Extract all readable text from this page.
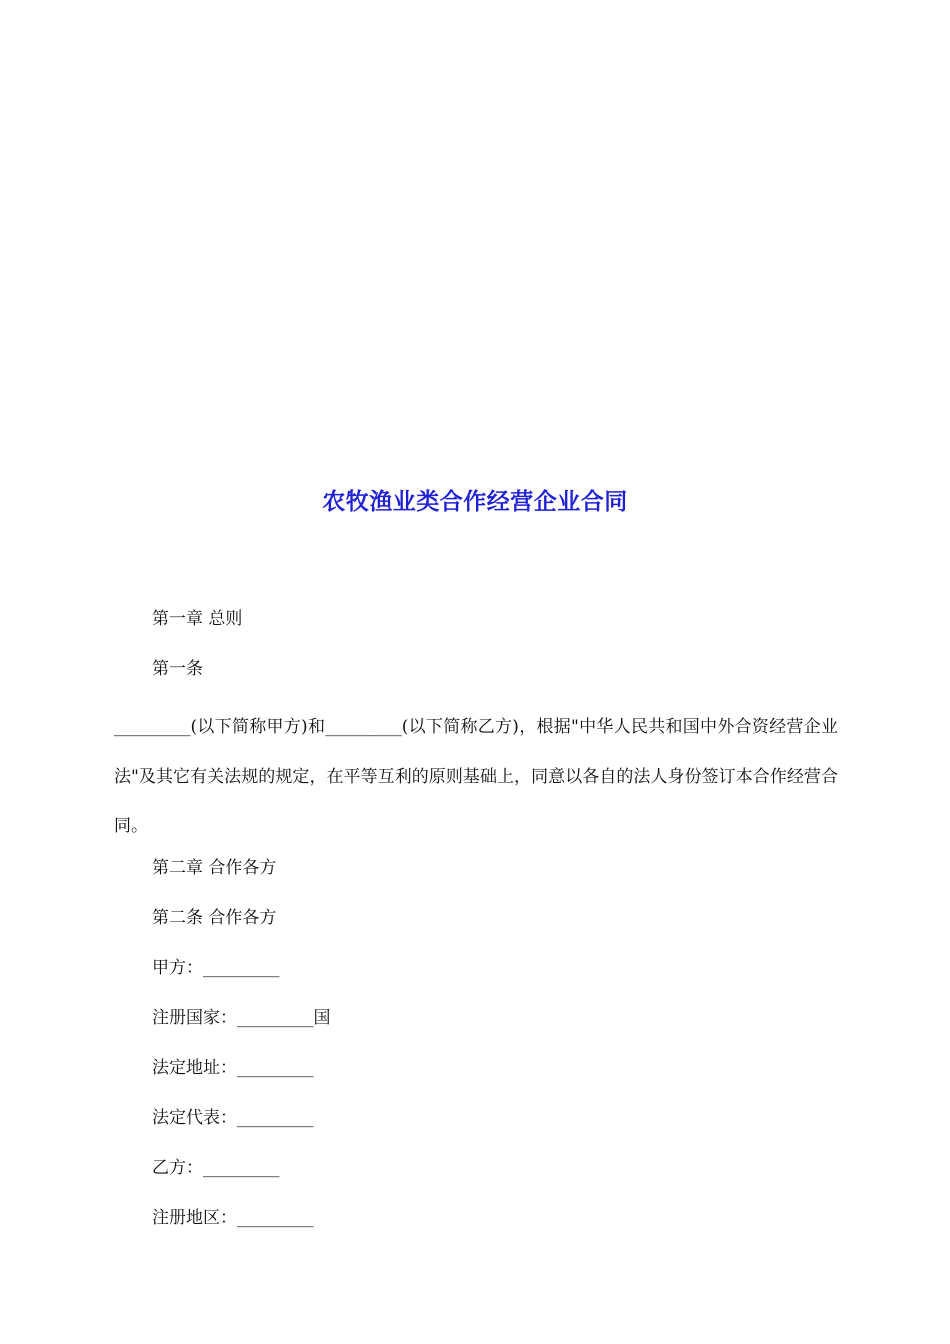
农牧渔业类合作经营企业合同
第一章 总则
第一条
_________(以下简称甲方)和_________(以下简称乙方)，根据"中华人民共和国中外合资经营企业法"及其它有关法规的规定，在平等互利的原则基础上，同意以各自的法人身份签订本合作经营合同。
第二章 合作各方
第二条 合作各方
甲方：_________
注册国家：_________国
法定地址：_________
法定代表：_________
乙方：_________
注册地区：_________
